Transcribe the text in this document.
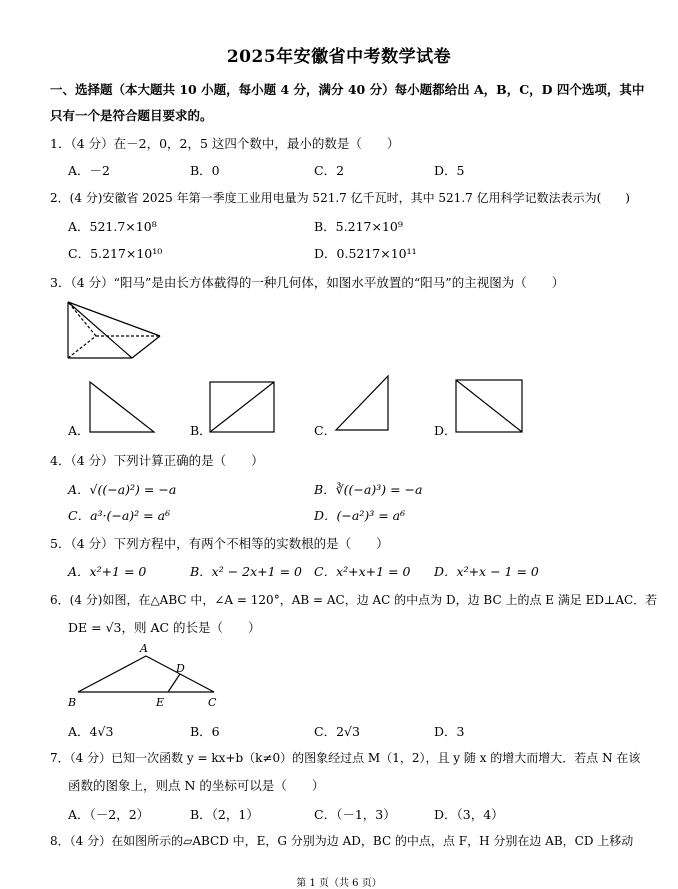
2025年安徽省中考数学试卷
一、选择题（本大题共 10 小题，每小题 4 分，满分 40 分）每小题都给出 A，B，C，D 四个选项，其中
只有一个是符合题目要求的。
1．（4 分）在－2，0，2，5 这四个数中，最小的数是（　　）
A．－2	B．0	C．2	D．5
2．(4 分)安徽省 2025 年第一季度工业用电量为 521.7 亿千瓦时，其中 521.7 亿用科学记数法表示为(　　)
A．521.7×10⁸	B．5.217×10⁹
C．5.217×10¹⁰	D．0.5217×10¹¹
3．（4 分）“阳马”是由长方体截得的一种几何体，如图水平放置的“阳马”的主视图为（　　）
A．	B．	C．	D．
4．（4 分）下列计算正确的是（　　）
A．√((−a)²) = −a	B．∛((−a)³) = −a
C．a³·(−a)² = a⁶	D．(−a²)³ = a⁶
5．（4 分）下列方程中，有两个不相等的实数根的是（　　）
A．x²+1 = 0	B．x² − 2x+1 = 0 C．x²+x+1 = 0 D．x²+x − 1 = 0
6．(4 分)如图，在△ABC 中，∠A = 120°，AB = AC，边 AC 的中点为 D，边 BC 上的点 E 满足 ED⊥AC．若
DE = √3，则 AC 的长是（　　）
A
B	C
D
E
A．4√3	B．6	C．2√3	D．3
7．（4 分）已知一次函数 y = kx+b（k≠0）的图象经过点 M（1，2），且 y 随 x 的增大而增大．若点 N 在该
函数的图象上，则点 N 的坐标可以是（　　）
A．（－2，2）	B．（2，1）	C．（－1，3）	D．（3，4）
8．（4 分）在如图所示的▱ABCD 中，E，G 分别为边 AD，BC 的中点，点 F，H 分别在边 AB，CD 上移动
第 1 页（共 6 页）
